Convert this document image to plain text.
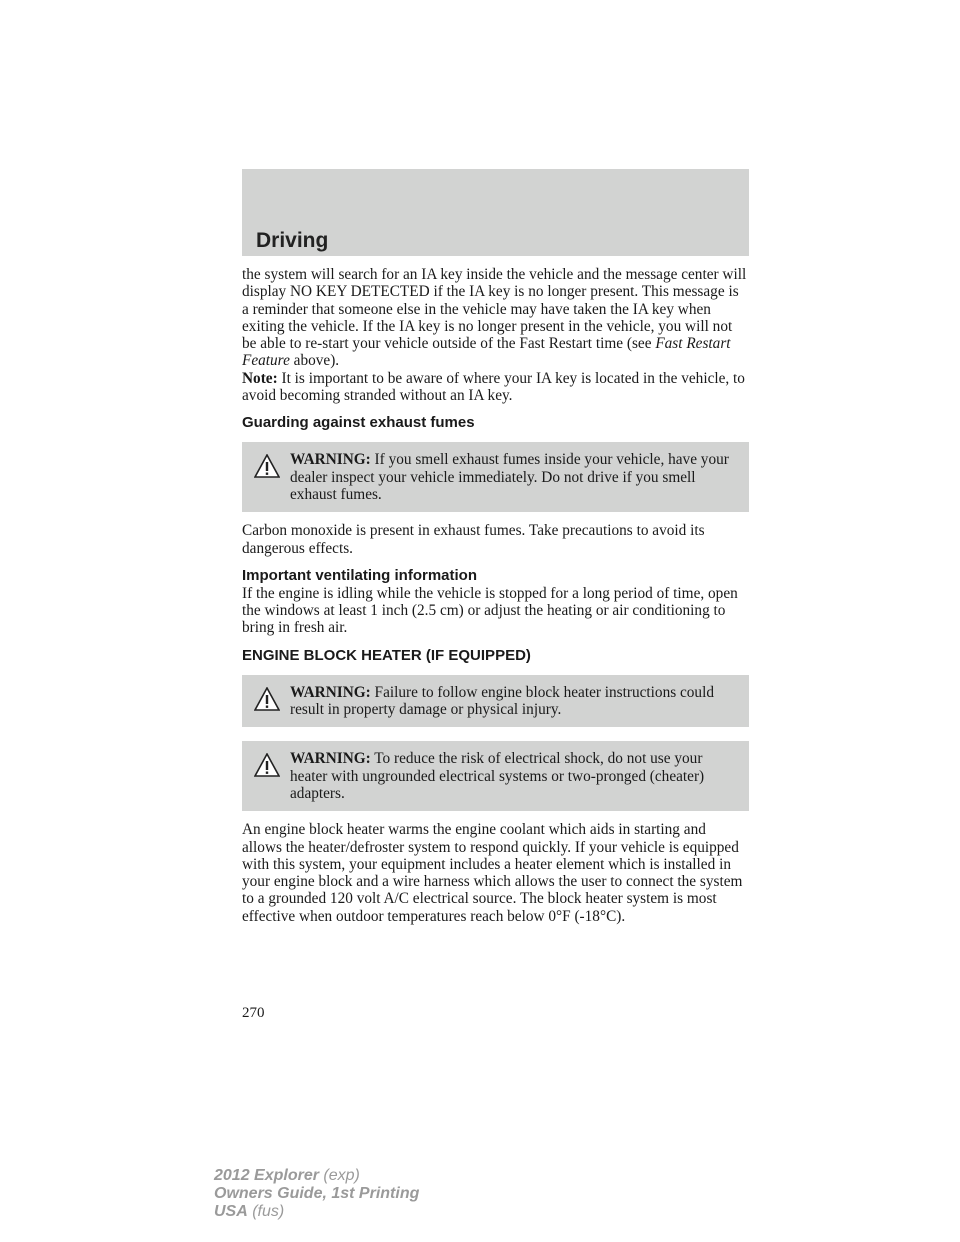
Driving

the system will search for an IA key inside the vehicle and the message center will display NO KEY DETECTED if the IA key is no longer present. This message is a reminder that someone else in the vehicle may have taken the IA key when exiting the vehicle. If the IA key is no longer present in the vehicle, you will not be able to re-start your vehicle outside of the Fast Restart time (see Fast Restart Feature above).

Note: It is important to be aware of where your IA key is located in the vehicle, to avoid becoming stranded without an IA key.

Guarding against exhaust fumes

WARNING: If you smell exhaust fumes inside your vehicle, have your dealer inspect your vehicle immediately. Do not drive if you smell exhaust fumes.

Carbon monoxide is present in exhaust fumes. Take precautions to avoid its dangerous effects.

Important ventilating information

If the engine is idling while the vehicle is stopped for a long period of time, open the windows at least 1 inch (2.5 cm) or adjust the heating or air conditioning to bring in fresh air.

ENGINE BLOCK HEATER (IF EQUIPPED)

WARNING: Failure to follow engine block heater instructions could result in property damage or physical injury.

WARNING: To reduce the risk of electrical shock, do not use your heater with ungrounded electrical systems or two-pronged (cheater) adapters.

An engine block heater warms the engine coolant which aids in starting and allows the heater/defroster system to respond quickly. If your vehicle is equipped with this system, your equipment includes a heater element which is installed in your engine block and a wire harness which allows the user to connect the system to a grounded 120 volt A/C electrical source. The block heater system is most effective when outdoor temperatures reach below 0°F (-18°C).

270
2012 Explorer (exp)
Owners Guide, 1st Printing
USA (fus)
